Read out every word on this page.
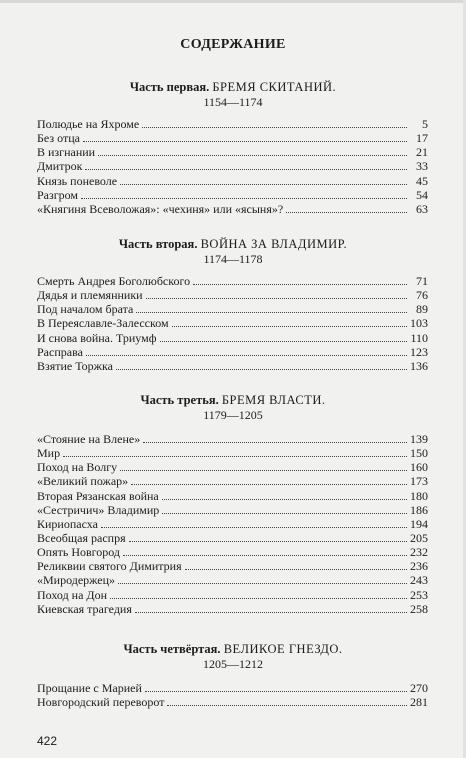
СОДЕРЖАНИЕ
Часть первая. БРЕМЯ СКИТАНИЙ.
1154—1174
Полюдье на Яхроме	5
Без отца	17
В изгнании	21
Дмитрок	33
Князь поневоле	45
Разгром	54
«Княгиня Всеволожая»: «чехиня» или «ясыня»?	63
Часть вторая. ВОЙНА ЗА ВЛАДИМИР.
1174—1178
Смерть Андрея Боголюбского	71
Дядья и племянники	76
Под началом брата	89
В Переяславле-Залесском	103
И снова война. Триумф	110
Расправа	123
Взятие Торжка	136
Часть третья. БРЕМЯ ВЛАСТИ.
1179—1205
«Стояние на Влене»	139
Мир	150
Поход на Волгу	160
«Великий пожар»	173
Вторая Рязанская война	180
«Сестричич» Владимир	186
Кириопасха	194
Всеобщая распря	205
Опять Новгород	232
Реликвии святого Димитрия	236
«Миродержец»	243
Поход на Дон	253
Киевская трагедия	258
Часть четвёртая. ВЕЛИКОЕ ГНЕЗДО.
1205—1212
Прощание с Марией	270
Новгородский переворот	281
422
